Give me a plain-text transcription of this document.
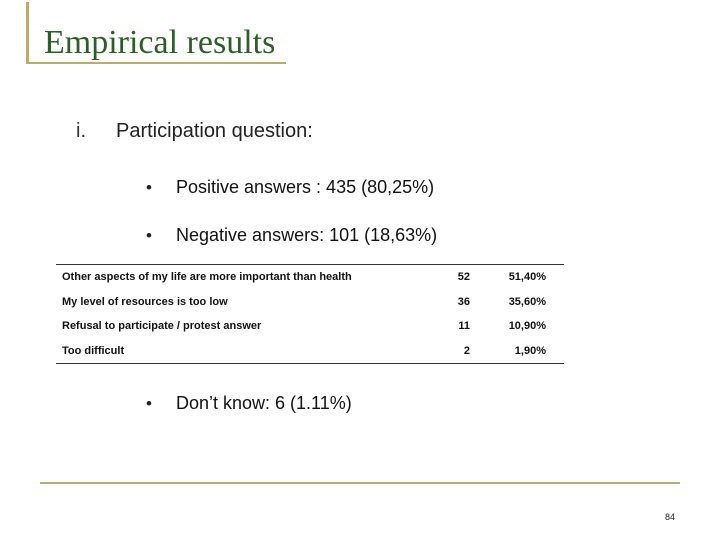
Empirical results
i. Participation question:
• Positive answers : 435 (80,25%)
• Negative answers: 101 (18,63%)
Other aspects of my life are more important than health	52	51,40%
My level of resources is too low	36	35,60%
Refusal to participate / protest answer	11	10,90%
Too difficult	2	1,90%
• Don’t know: 6 (1.11%)
84
